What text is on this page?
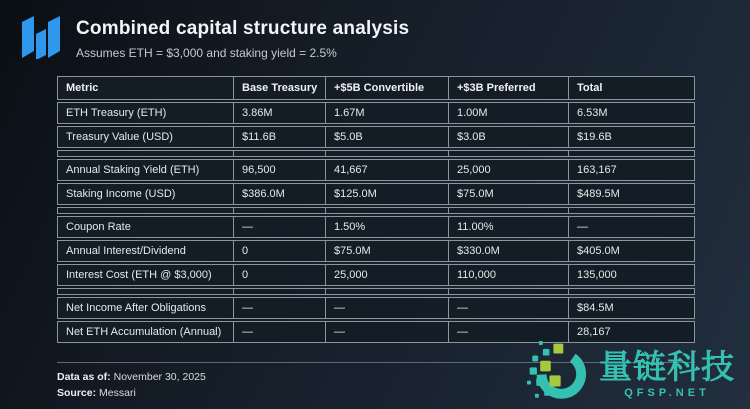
Combined capital structure analysis
Assumes ETH = $3,000 and staking yield = 2.5%
Metric	Base Treasury	+$5B Convertible	+$3B Preferred	Total
ETH Treasury (ETH)	3.86M	1.67M	1.00M	6.53M
Treasury Value (USD)	$11.6B	$5.0B	$3.0B	$19.6B
Annual Staking Yield (ETH)	96,500	41,667	25,000	163,167
Staking Income (USD)	$386.0M	$125.0M	$75.0M	$489.5M
Coupon Rate	—	1.50%	11.00%	—
Annual Interest/Dividend	0	$75.0M	$330.0M	$405.0M
Interest Cost (ETH @ $3,000)	0	25,000	110,000	135,000
Net Income After Obligations	—	—	—	$84.5M
Net ETH Accumulation (Annual)	—	—	—	28,167
Data as of: November 30, 2025
Source: Messari
量链科技
QFSP.NET
